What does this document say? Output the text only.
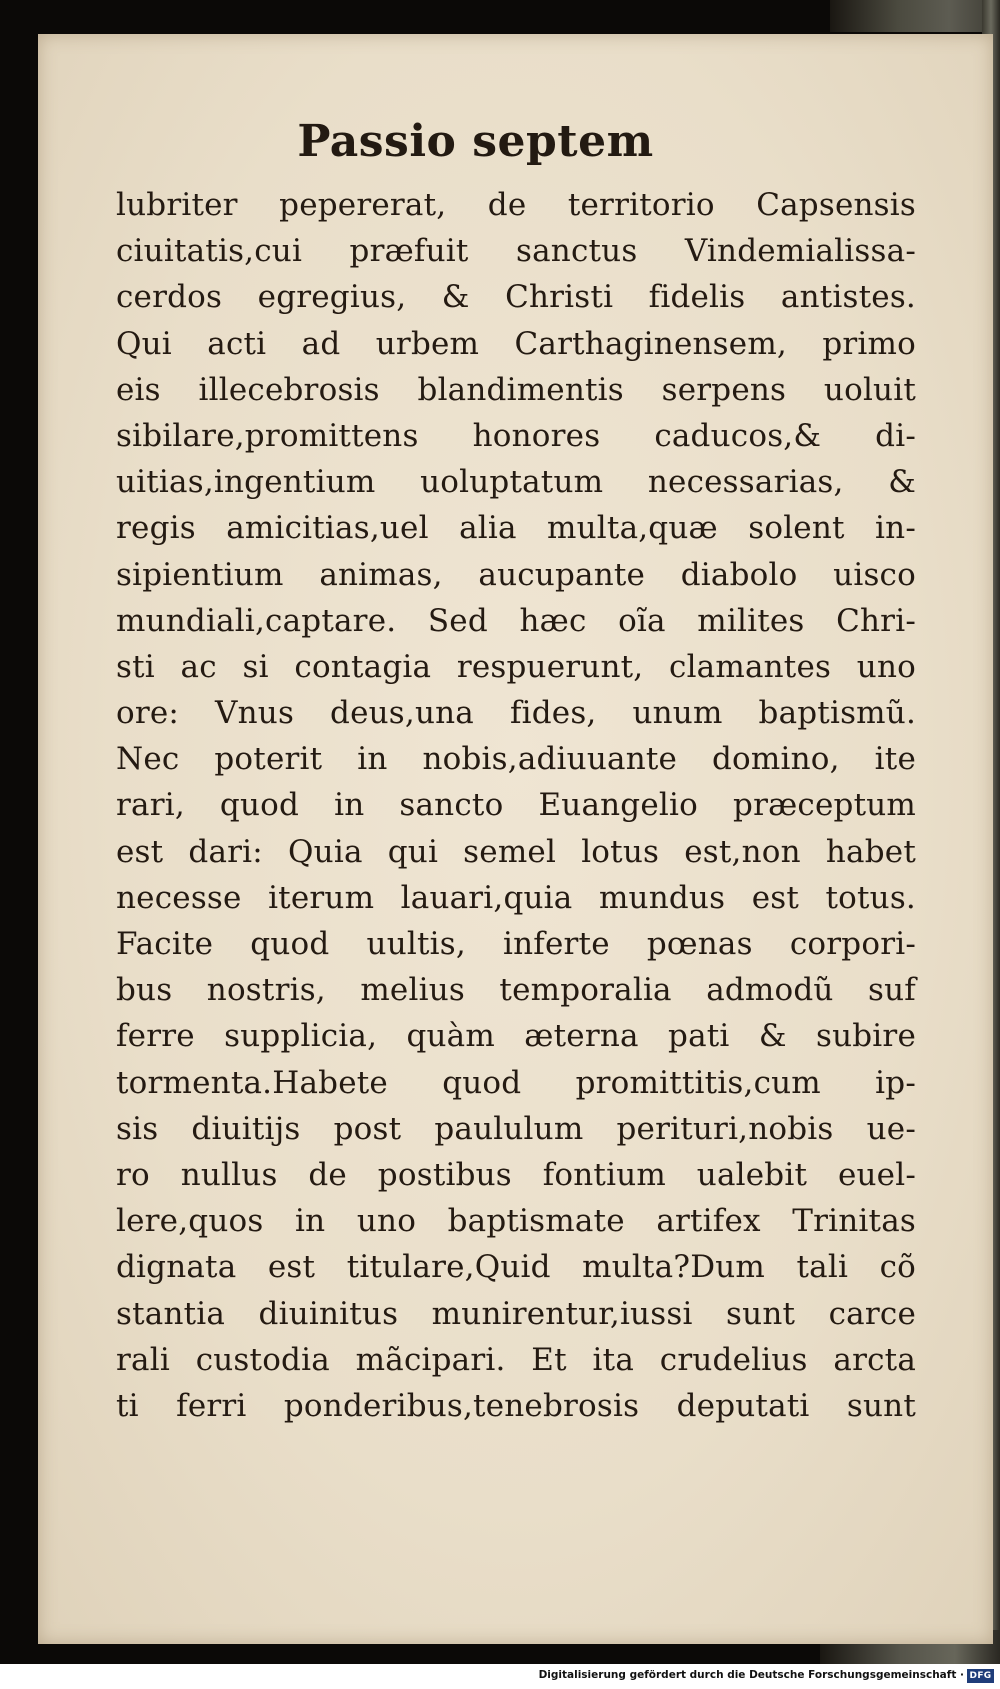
Passio septem
lubriter pepererat, de territorio Capsensis
ciuitatis,cui præfuit sanctus Vindemialissa-
cerdos egregius, & Christi fidelis antistes.
Qui acti ad urbem Carthaginensem, primo
eis illecebrosis blandimentis serpens uoluit
sibilare,promittens honores caducos,& di-
uitias,ingentium uoluptatum necessarias, &
regis amicitias,uel alia multa,quæ solent in-
sipientium animas, aucupante diabolo uisco
mundiali,captare. Sed hæc oĩa milites Chri-
sti ac si contagia respuerunt, clamantes uno
ore: Vnus deus,una fides, unum baptismũ.
Nec poterit in nobis,adiuuante domino, ite
rari, quod in sancto Euangelio præceptum
est dari: Quia qui semel lotus est,non habet
necesse iterum lauari,quia mundus est totus.
Facite quod uultis, inferte pœnas corpori-
bus nostris, melius temporalia admodũ suf
ferre supplicia, quàm æterna pati & subire
tormenta.Habete quod promittitis,cum ip-
sis diuitijs post paululum perituri,nobis ue-
ro nullus de postibus fontium ualebit euel-
lere,quos in uno baptismate artifex Trinitas
dignata est titulare,Quid multa?Dum tali cõ
stantia diuinitus munirentur,iussi sunt carce
rali custodia mãcipari. Et ita crudelius arcta
ti ferri ponderibus,tenebrosis deputati sunt
Digitalisierung gefördert durch die Deutsche Forschungsgemeinschaft · DFG
